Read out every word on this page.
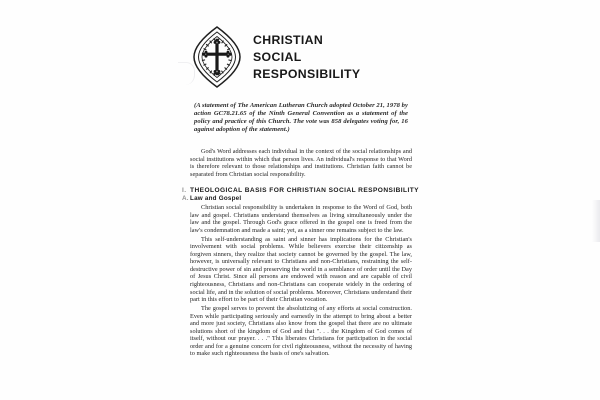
CHRISTIAN
SOCIAL
RESPONSIBILITY
(A statement of The American Lutheran Church adopted October 21, 1978 by action GC78.21.65 of the Ninth General Convention as a statement of the policy and practice of this Church. The vote was 858 delegates voting for, 16 against adoption of the statement.)

God's Word addresses each individual in the context of the social relationships and social institutions within which that person lives. An individual's response to that Word is therefore relevant to those relationships and institutions. Christian faith cannot be separated from Christian social responsibility.

I. THEOLOGICAL BASIS FOR CHRISTIAN SOCIAL RESPONSIBILITY
A.Law and Gospel

Christian social responsibility is undertaken in response to the Word of God, both law and gospel. Christians understand themselves as living simultaneously under the law and the gospel. Through God's grace offered in the gospel one is freed from the law's condemnation and made a saint; yet, as a sinner one remains subject to the law.

This self-understanding as saint and sinner has implications for the Christian's involvement with social problems. While believers exercise their citizenship as forgiven sinners, they realize that society cannot be governed by the gospel. The law, however, is universally relevant to Christians and non-Christians, restraining the self-destructive power of sin and preserving the world in a semblance of order until the Day of Jesus Christ. Since all persons are endowed with reason and are capable of civil righteousness, Christians and non-Christians can cooperate widely in the ordering of social life, and in the solution of social problems. Moreover, Christians understand their part in this effort to be part of their Christian vocation.

The gospel serves to prevent the absolutizing of any efforts at social construction. Even while participating seriously and earnestly in the attempt to bring about a better and more just society, Christians also know from the gospel that there are no ultimate solutions short of the kingdom of God and that ". . . the Kingdom of God comes of itself, without our prayer. . . ." This liberates Christians for participation in the social order and for a genuine concern for civil righteousness, without the necessity of having to make such righteousness the basis of one's salvation.
